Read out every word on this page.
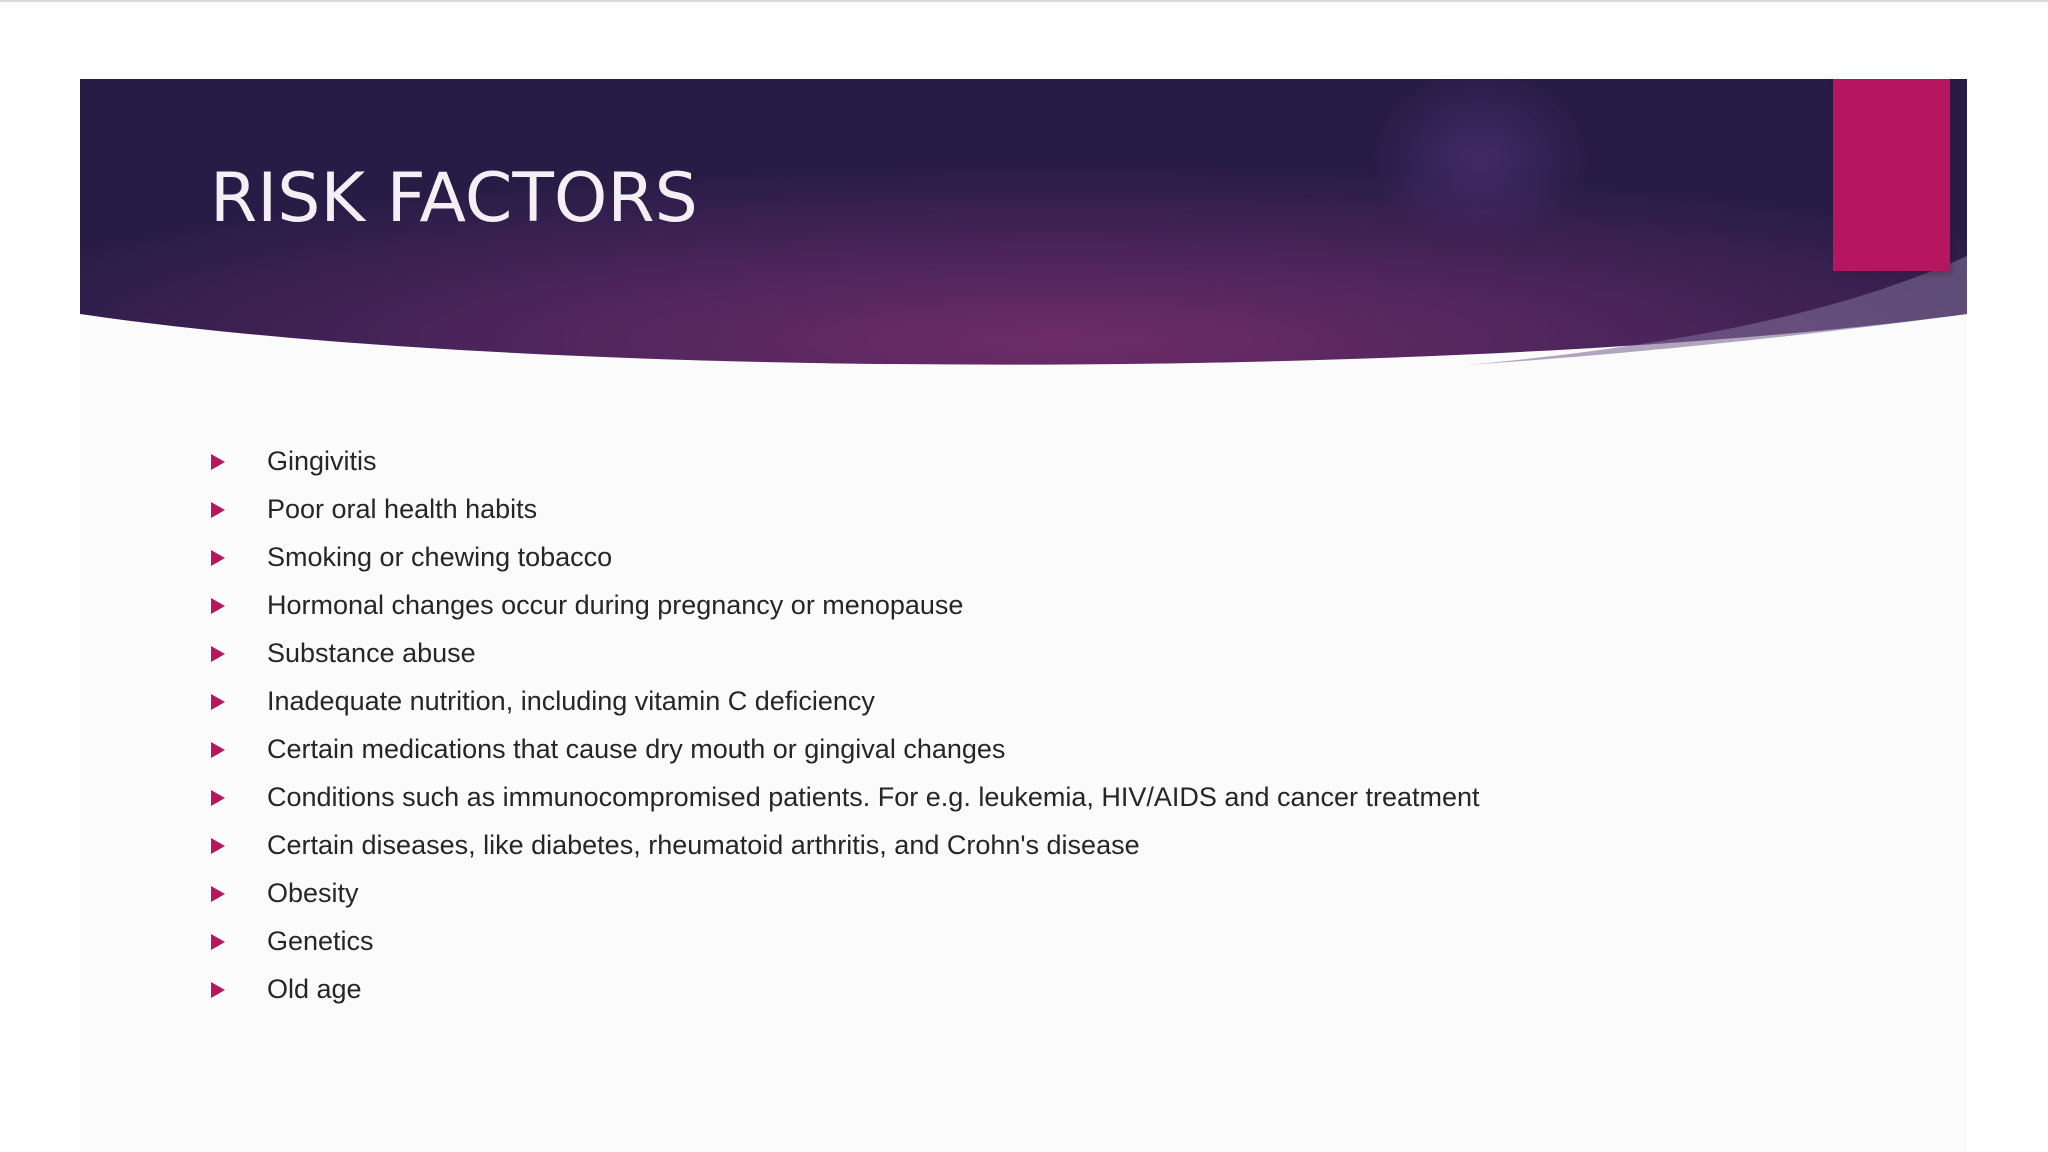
RISK FACTORS
Gingivitis
Poor oral health habits
Smoking or chewing tobacco
Hormonal changes occur during pregnancy or menopause
Substance abuse
Inadequate nutrition, including vitamin C deficiency
Certain medications that cause dry mouth or gingival changes
Conditions such as immunocompromised patients. For e.g. leukemia, HIV/AIDS and cancer treatment
Certain diseases, like diabetes, rheumatoid arthritis, and Crohn's disease
Obesity
Genetics
Old age
